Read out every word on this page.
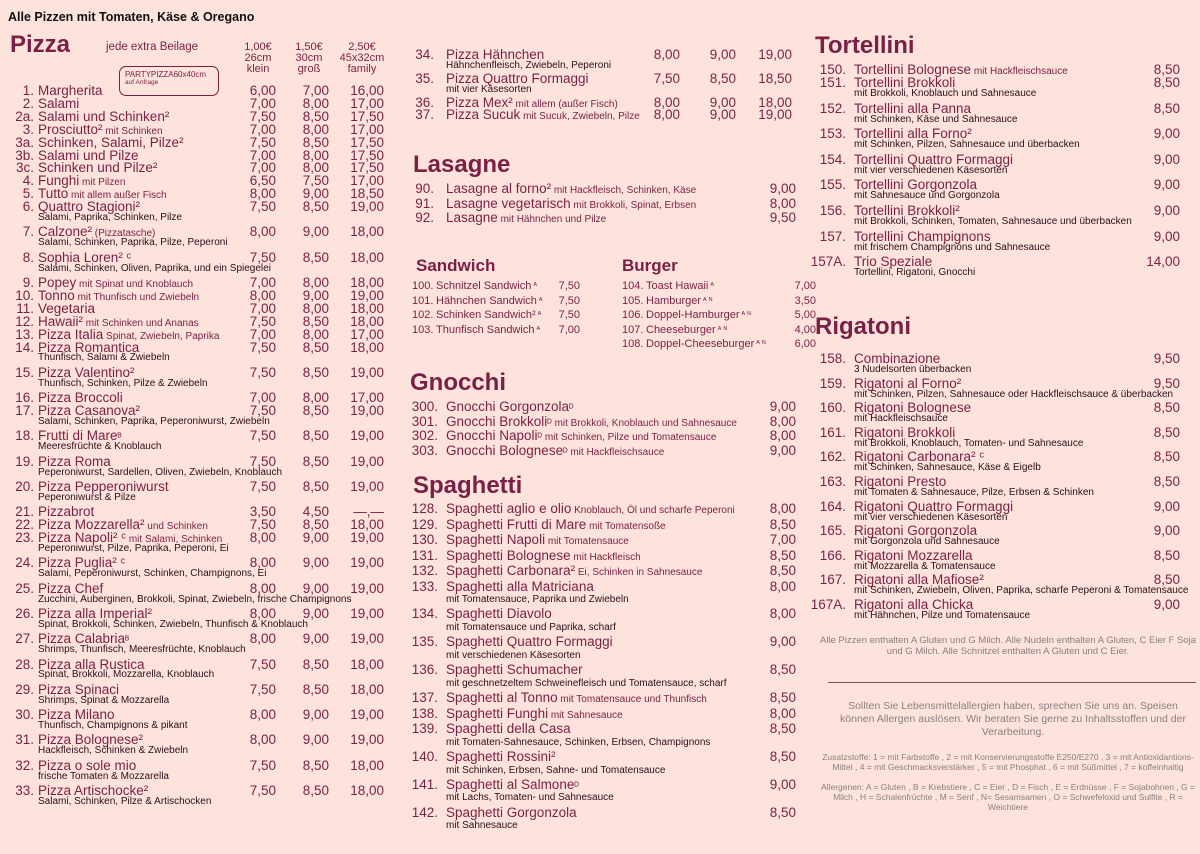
Alle Pizzen mit Tomaten, Käse & Oregano
Pizza	jede extra Beilage	1,00€
26cm
klein
1,50€
30cm
groß
2,50€
45x32cm
family
PARTYPIZZA60x40cm
auf Anfrage
Lasagne
Sandwich	Burger
Gnocchi
Spaghetti
Tortellini
Rigatoni
1. Margherita	6,00	7,00	16,00
2. Salami	7,00	8,00	17,00
2a. Salami und Schinken²	7,50	8,50	17,50
3. Prosciutto² mit Schinken	7,00	8,00	17,00
3a. Schinken, Salami, Pilze²	7,50	8,50	17,50
3b. Salami und Pilze	7,00	8,00	17,50
3c. Schinken und Pilze²	7,00	8,00	17,50
4. Funghi mit Pilzen	6,50	7,50	17,00
5. Tutto mit allem außer Fisch	8,00	9,00	18,50
6. Quattro Stagioni²	7,50	8,50	19,00
Salami, Paprika, Schinken, Pilze
7. Calzone² (Pizzatasche)	8,00	9,00	18,00
Salami, Schinken, Paprika, Pilze, Peperoni
8. Sophia Loren² ᶜ	7,50	8,50	18,00
Salami, Schinken, Oliven, Paprika, und ein Spiegelei
9. Popey mit Spinat und Knoblauch	7,00	8,00	18,00
10. Tonno mit Thunfisch und Zwiebeln	8,00	9,00	19,00
11. Vegetaria	7,00	8,00	18,00
12. Hawaii² mit Schinken und Ananas	7,50	8,50	18,00
13. Pizza Italia Spinat, Zwiebeln, Paprika	7,00	8,00	17,00
14. Pizza Romantica	7,50	8,50	18,00
Thunfisch, Salami & Zwiebeln
15. Pizza Valentino²	7,50	8,50	19,00
Thunfisch, Schinken, Pilze & Zwiebeln
16. Pizza Broccoli	7,00	8,00	17,00
17. Pizza Casanova²	7,50	8,50	19,00
Salami, Schinken, Paprika, Peperoniwurst, Zwiebeln
18. Frutti di Mareᴮ	7,50	8,50	19,00
Meeresfrüchte & Knoblauch
19. Pizza Roma	7,50	8,50	19,00
Peperoniwurst, Sardellen, Oliven, Zwiebeln, Knoblauch
20. Pizza Pepperoniwurst	7,50	8,50	19,00
Peperoniwurst & Pilze
21. Pizzabrot	3,50	4,50	—,—
22. Pizza Mozzarella² und Schinken	7,50	8,50	18,00
23. Pizza Napoli² ᶜ mit Salami, Schinken	8,00	9,00	19,00
Peperoniwurst, Pilze, Paprika, Peperoni, Ei
24. Pizza Puglia² ᶜ	8,00	9,00	19,00
Salami, Peperoniwurst, Schinken, Champignons, Ei
25. Pizza Chef	8,00	9,00	19,00
Zucchini, Auberginen, Brokkoli, Spinat, Zwiebeln, frische Champignons
26. Pizza alla Imperial²	8,00	9,00	19,00
Spinat, Brokkoli, Schinken, Zwiebeln, Thunfisch & Knoblauch
27. Pizza Calabriaᴮ	8,00	9,00	19,00
Shrimps, Thunfisch, Meeresfrüchte, Knoblauch
28. Pizza alla Rustica	7,50	8,50	18,00
Spinat, Brokkoli, Mozzarella, Knoblauch
29. Pizza Spinaci	7,50	8,50	18,00
Shrimps, Spinat & Mozzarella
30. Pizza Milano	8,00	9,00	19,00
Thunfisch, Champignons & pikant
31. Pizza Bolognese²	8,00	9,00	19,00
Hackfleisch, Schinken & Zwiebeln
32. Pizza o sole mio	7,50	8,50	18,00
frische Tomaten & Mozzarella
33. Pizza Artischocke²	7,50	8,50	18,00
Salami, Schinken, Pilze & Artischocken
34. Pizza Hähnchen	8,00	9,00	19,00
Hähnchenfleisch, Zwiebeln, Peperoni
35. Pizza Quattro Formaggi	7,50	8,50	18,50
mit vier Käsesorten
36. Pizza Mex² mit allem (außer Fisch)	8,00	9,00	18,00
37. Pizza Sucuk mit Sucuk, Zwiebeln, Pilze	8,00	9,00	19,00
90. Lasagne al forno² mit Hackfleisch, Schinken, Käse	9,00
91. Lasagne vegetarisch mit Brokkoli, Spinat, Erbsen	8,00
92. Lasagne mit Hähnchen und Pilze	9,50
300. Gnocchi Gorgonzolaᴰ	9,00
301. Gnocchi Brokkoliᴰ mit Brokkoli, Knoblauch und Sahnesauce	8,00
302. Gnocchi Napoliᴰ mit Schinken, Pilze und Tomatensauce	8,00
303. Gnocchi Bologneseᴰ mit Hackfleischsauce	9,00
128. Spaghetti aglio e olio Knoblauch, Öl und scharfe Peperoni	8,00
129. Spaghetti Frutti di Mare mit Tomatensoße	8,50
130. Spaghetti Napoli mit Tomatensauce	7,00
131. Spaghetti Bolognese mit Hackfleisch	8,50
132. Spaghetti Carbonara² Ei, Schinken in Sahnesauce	8,50
133. Spaghetti alla Matriciana	8,00
mit Tomatensauce, Paprika und Zwiebeln
134. Spaghetti Diavolo	8,00
mit Tomatensauce und Paprika, scharf
135. Spaghetti Quattro Formaggi	9,00
mit verschiedenen Käsesorten
136. Spaghetti Schumacher	8,50
mit geschnetzeltem Schweinefleisch und Tomatensauce, scharf
137. Spaghetti al Tonno mit Tomatensauce und Thunfisch	8,50
138. Spaghetti Funghi mit Sahnesauce	8,00
139. Spaghetti della Casa	8,50
mit Tomaten-Sahnesauce, Schinken, Erbsen, Champignons
140. Spaghetti Rossini²	8,50
mit Schinken, Erbsen, Sahne- und Tomatensauce
141. Spaghetti al Salmoneᴰ	9,00
mit Lachs, Tomaten- und Sahnesauce
142. Spaghetti Gorgonzola	8,50
mit Sahnesauce
150. Tortellini Bolognese mit Hackfleischsauce	8,50
151. Tortellini Brokkoli	8,50
mit Brokkoli, Knoblauch und Sahnesauce
152. Tortellini alla Panna	8,50
mit Schinken, Käse und Sahnesauce
153. Tortellini alla Forno²	9,00
mit Schinken, Pilzen, Sahnesauce und überbacken
154. Tortellini Quattro Formaggi	9,00
mit vier verschiedenen Käsesorten
155. Tortellini Gorgonzola	9,00
mit Sahnesauce und Gorgonzola
156. Tortellini Brokkoli²	9,00
mit Brokkoli, Schinken, Tomaten, Sahnesauce und überbacken
157. Tortellini Champignons	9,00
mit frischem Champignons und Sahnesauce
157A. Trio Speziale	14,00
Tortellini, Rigatoni, Gnocchi
158. Combinazione	9,50
3 Nudelsorten überbacken
159. Rigatoni al Forno²	9,50
mit Schinken, Pilzen, Sahnesauce oder Hackfleischsauce & überbacken
160. Rigatoni Bolognese	8,50
mit Hackfleischsauce
161. Rigatoni Brokkoli	8,50
mit Brokkoli, Knoblauch, Tomaten- und Sahnesauce
162. Rigatoni Carbonara² ᶜ	8,50
mit Schinken, Sahnesauce, Käse & Eigelb
163. Rigatoni Presto	8,50
mit Tomaten & Sahnesauce, Pilze, Erbsen & Schinken
164. Rigatoni Quattro Formaggi	9,00
mit vier verschiedenen Käsesorten
165. Rigatoni Gorgonzola	9,00
mit Gorgonzola und Sahnesauce
166. Rigatoni Mozzarella	8,50
mit Mozzarella & Tomatensauce
167. Rigatoni alla Mafiose²	8,50
mit Schinken, Zwiebeln, Oliven, Paprika, scharfe Peperoni & Tomatensauce
167A. Rigatoni alla Chicka	9,00
mit Hähnchen, Pilze und Tomatensauce
100. Schnitzel Sandwich $^ᴬ$	7,50
101. Hähnchen Sandwich $^ᴬ$	7,50
102. Schinken Sandwich² $^ᴬ$	7,50
103. Thunfisch Sandwich $^ᴬ$	7,00
104. Toast Hawaii $^ᴬ$	7,00
105. Hamburger $^{ᴬ ᴺ}$	3,50
106. Doppel-Hamburger $^{ᴬ ᴺ}$	5,00
107. Cheeseburger $^{ᴬ ᴺ}$	4,00
108. Doppel-Cheeseburger $^{ᴬ ᴺ}$	6,00
Alle Pizzen enthalten A Gluten und G Milch. Alle Nudeln enthalten A Gluten, C Eier F Soja und G Milch. Alle Schnitzel enthalten A Gluten und C Eier.
Sollten Sie Lebensmittelallergien haben, sprechen Sie uns an. Speisen können Allergen auslösen. Wir beraten Sie gerne zu Inhaltsstoffen und der Verarbeitung.
Zusatzstoffe: 1 = mit Farbstoffe , 2 = mit Konservierungsstoffe E250/E270 , 3 = mit Antioxidantions-Mittel , 4 = mit Geschmacksverstärker , 5 = mit Phosphat , 6 = mit Süßmittel , 7 = koffeinhaltig
Allergenen: A = Gluten , B = Krebstiere , C = Eier , D = Fisch , E = Erdnüsse , F = Sojabohnen , G = Milch , H = Schalenfrüchte , M = Senf , N= Sesamsamen , O = Schwefeloxid und Sulfite , R = Weichtiere
